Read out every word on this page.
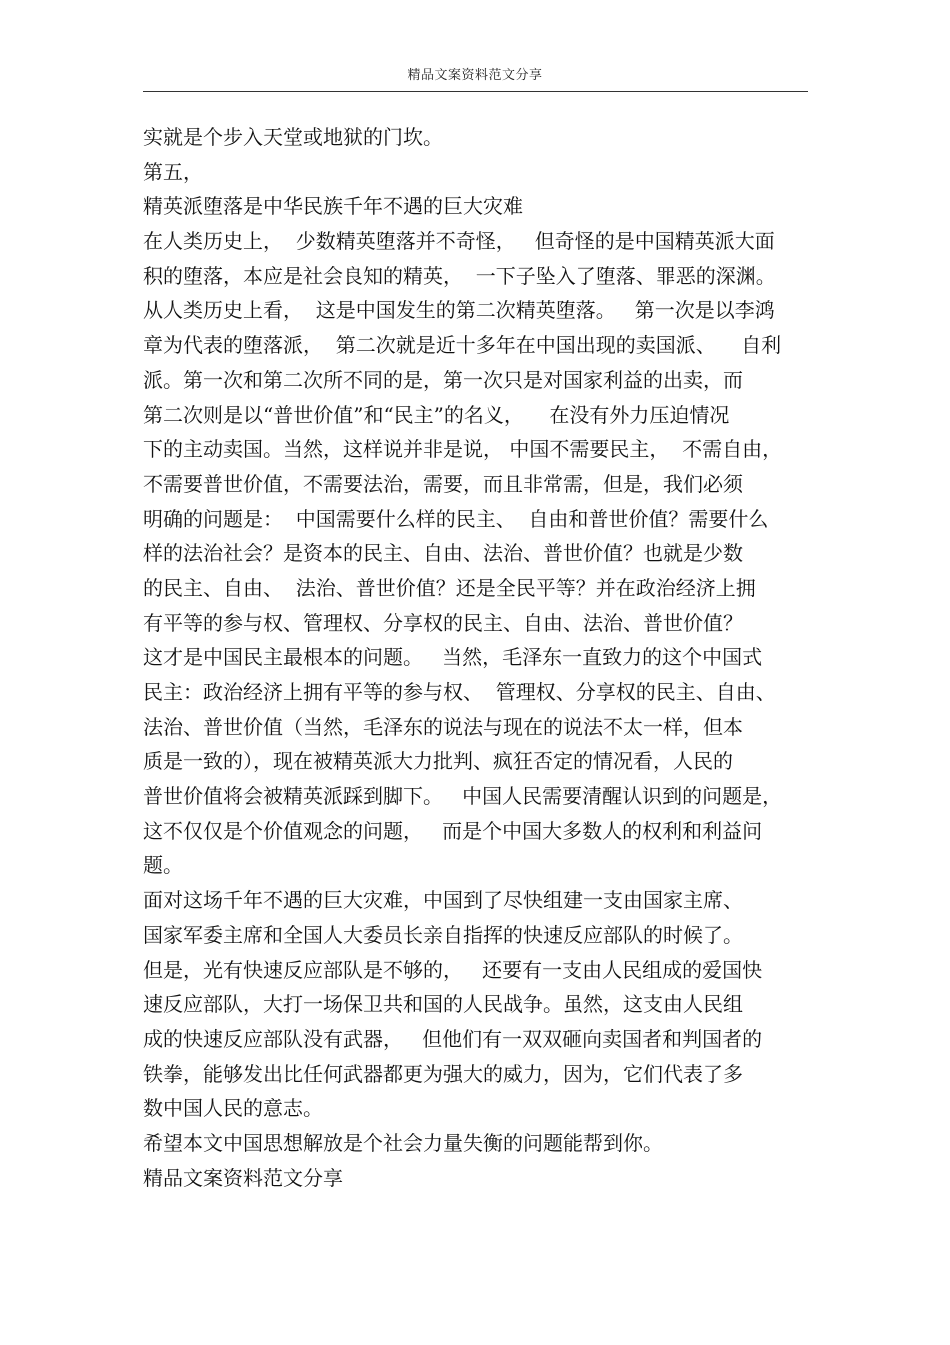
精品文案资料范文分享
实就是个步入天堂或地狱的门坎。
第五，
精英派堕落是中华民族千年不遇的巨大灾难
在人类历史上，  少数精英堕落并不奇怪，   但奇怪的是中国精英派大面
积的堕落，本应是社会良知的精英，  一下子坠入了堕落、罪恶的深渊。
从人类历史上看，  这是中国发生的第二次精英堕落。   第一次是以李鸿
章为代表的堕落派，  第二次就是近十多年在中国出现的卖国派、    自利
派。第一次和第二次所不同的是，第一次只是对国家利益的出卖，而
第二次则是以“普世价值”和“民主”的名义，    在没有外力压迫情况
下的主动卖国。当然，这样说并非是说， 中国不需要民主，  不需自由，
不需要普世价值，不需要法治，需要，而且非常需，但是，我们必须
明确的问题是：  中国需要什么样的民主、  自由和普世价值？需要什么
样的法治社会？是资本的民主、自由、法治、普世价值？也就是少数
的民主、自由、  法治、普世价值？还是全民平等？并在政治经济上拥
有平等的参与权、管理权、分享权的民主、自由、法治、普世价值？
这才是中国民主最根本的问题。   当然，毛泽东一直致力的这个中国式
民主：政治经济上拥有平等的参与权、  管理权、分享权的民主、自由、
法治、普世价值（当然，毛泽东的说法与现在的说法不太一样，但本
质是一致的），现在被精英派大力批判、疯狂否定的情况看，人民的
普世价值将会被精英派踩到脚下。   中国人民需要清醒认识到的问题是，
这不仅仅是个价值观念的问题，   而是个中国大多数人的权利和利益问
题。
面对这场千年不遇的巨大灾难，中国到了尽快组建一支由国家主席、
国家军委主席和全国人大委员长亲自指挥的快速反应部队的时候了。
但是，光有快速反应部队是不够的，   还要有一支由人民组成的爱国快
速反应部队，大打一场保卫共和国的人民战争。虽然，这支由人民组
成的快速反应部队没有武器，   但他们有一双双砸向卖国者和判国者的
铁拳，能够发出比任何武器都更为强大的威力，因为，它们代表了多
数中国人民的意志。
希望本文中国思想解放是个社会力量失衡的问题能帮到你。
精品文案资料范文分享
